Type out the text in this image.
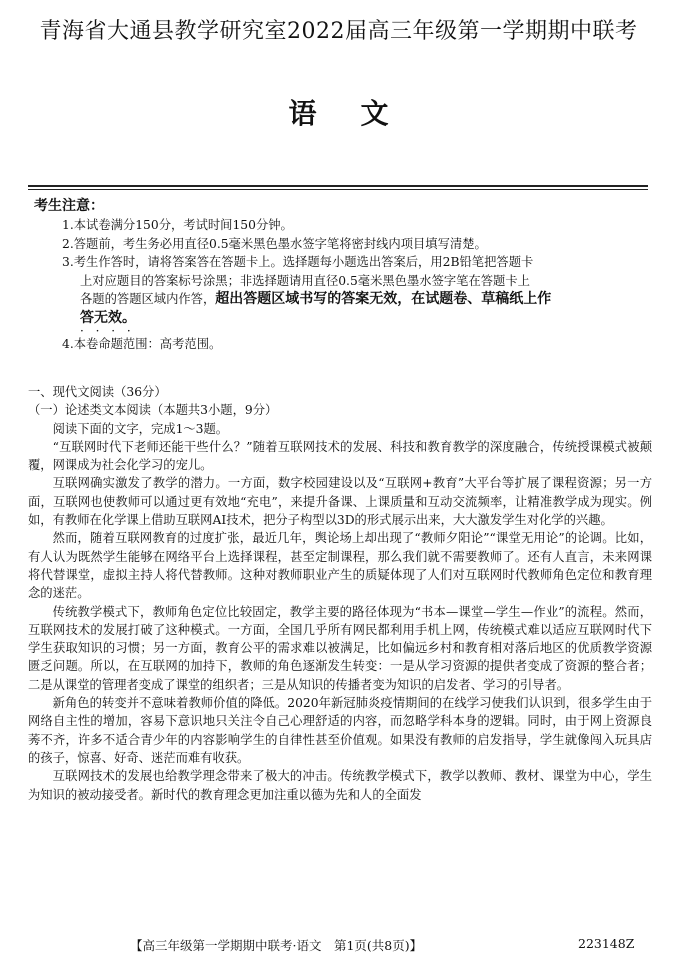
青海省大通县教学研究室2022届高三年级第一学期期中联考
语文
考生注意：

1.本试卷满分150分，考试时间150分钟。

2.答题前，考生务必用直径0.5毫米黑色墨水签字笔将密封线内项目填写清楚。

3.考生作答时，请将答案答在答题卡上。选择题每小题选出答案后，用2B铅笔把答题卡

上对应题目的答案标号涂黑；非选择题请用直径0.5毫米黑色墨水签字笔在答题卡上

各题的答题区域内作答，超出答题区域书写的答案无效，在试题卷、草稿纸上作

答无效。

· · · ·

4.本卷命题范围：高考范围。

一、现代文阅读（36分）

（一）论述类文本阅读（本题共3小题，9分）

阅读下面的文字，完成1～3题。

“互联网时代下老师还能干些什么？”随着互联网技术的发展、科技和教育教学的深度融合，传统授课模式被颠覆，网课成为社会化学习的宠儿。

互联网确实激发了教学的潜力。一方面，数字校园建设以及“互联网+教育”大平台等扩展了课程资源；另一方面，互联网也使教师可以通过更有效地“充电”，来提升备课、上课质量和互动交流频率，让精准教学成为现实。例如，有教师在化学课上借助互联网AI技术，把分子构型以3D的形式展示出来，大大激发学生对化学的兴趣。

然而，随着互联网教育的过度扩张，最近几年，舆论场上却出现了“教师夕阳论”“课堂无用论”的论调。比如，有人认为既然学生能够在网络平台上选择课程，甚至定制课程，那么我们就不需要教师了。还有人直言，未来网课将代替课堂，虚拟主持人将代替教师。这种对教师职业产生的质疑体现了人们对互联网时代教师角色定位和教育理念的迷茫。

传统教学模式下，教师角色定位比较固定，教学主要的路径体现为“书本—课堂—学生—作业”的流程。然而，互联网技术的发展打破了这种模式。一方面，全国几乎所有网民都利用手机上网，传统模式难以适应互联网时代下学生获取知识的习惯；另一方面，教育公平的需求难以被满足，比如偏远乡村和教育相对落后地区的优质教学资源匮乏问题。所以，在互联网的加持下，教师的角色逐渐发生转变：一是从学习资源的提供者变成了资源的整合者；二是从课堂的管理者变成了课堂的组织者；三是从知识的传播者变为知识的启发者、学习的引导者。

新角色的转变并不意味着教师价值的降低。2020年新冠肺炎疫情期间的在线学习使我们认识到，很多学生由于网络自主性的增加，容易下意识地只关注令自己心理舒适的内容，而忽略学科本身的逻辑。同时，由于网上资源良莠不齐，许多不适合青少年的内容影响学生的自律性甚至价值观。如果没有教师的启发指导，学生就像闯入玩具店的孩子，惊喜、好奇、迷茫而难有收获。

互联网技术的发展也给教学理念带来了极大的冲击。传统教学模式下，教学以教师、教材、课堂为中心，学生为知识的被动接受者。新时代的教育理念更加注重以德为先和人的全面发

【高三年级第一学期期中联考·语文　第1页(共8页)】	223148Z
